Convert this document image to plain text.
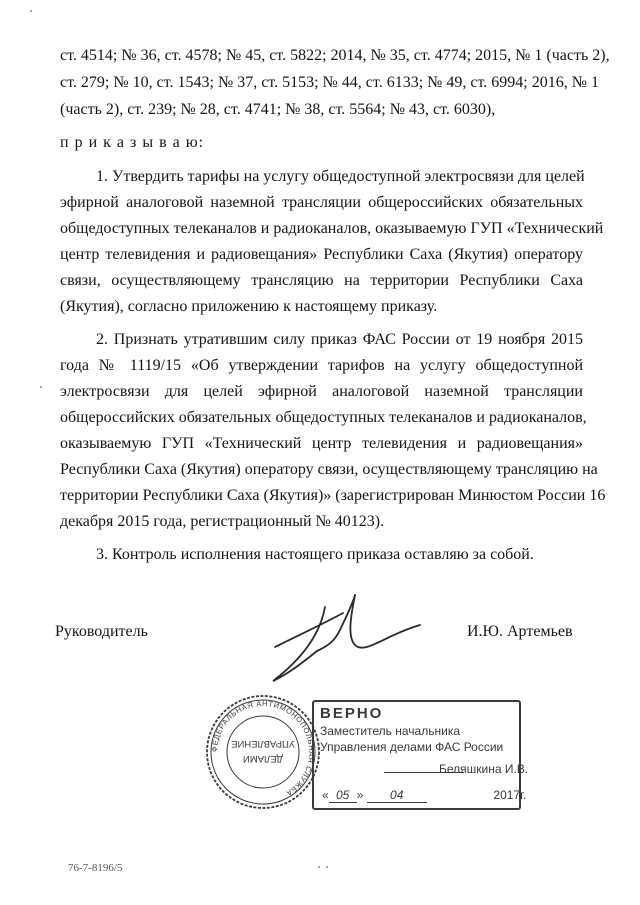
ст. 4514; № 36, ст. 4578; № 45, ст. 5822; 2014, № 35, ст. 4774; 2015, № 1 (часть 2),
ст. 279; № 10, ст. 1543; № 37, ст. 5153; № 44, ст. 6133; № 49, ст. 6994; 2016, № 1
(часть 2), ст. 239; № 28, ст. 4741; № 38, ст. 5564; № 43, ст. 6030),
п р и к а з ы в а ю:
1. Утвердить тарифы на услугу общедоступной электросвязи для целей
эфирной аналоговой наземной трансляции общероссийских обязательных
общедоступных телеканалов и радиоканалов, оказываемую ГУП «Технический
центр телевидения и радиовещания» Республики Саха (Якутия) оператору
связи, осуществляющему трансляцию на территории Республики Саха
(Якутия), согласно приложению к настоящему приказу.
2. Признать утратившим силу приказ ФАС России от 19 ноября 2015
года № 1119/15 «Об утверждении тарифов на услугу общедоступной
электросвязи для целей эфирной аналоговой наземной трансляции
общероссийских обязательных общедоступных телеканалов и радиоканалов,
оказываемую ГУП «Технический центр телевидения и радиовещания»
Республики Саха (Якутия) оператору связи, осуществляющему трансляцию на
территории Республики Саха (Якутия)» (зарегистрирован Минюстом России 16
декабря 2015 года, регистрационный № 40123).
3. Контроль исполнения настоящего приказа оставляю за собой.
Руководитель	И.Ю. Артемьев
ФЕДЕРАЛЬНАЯ АНТИМОНОПОЛЬНАЯ СЛУЖБА
ДЕЛАМИ
УПРАВЛЕНИЕ
ВЕРНО
Заместитель начальника
Управления делами ФАС России
Беляшкина И.В.
« 05 » 04	2017г.
76-7-8196/5
